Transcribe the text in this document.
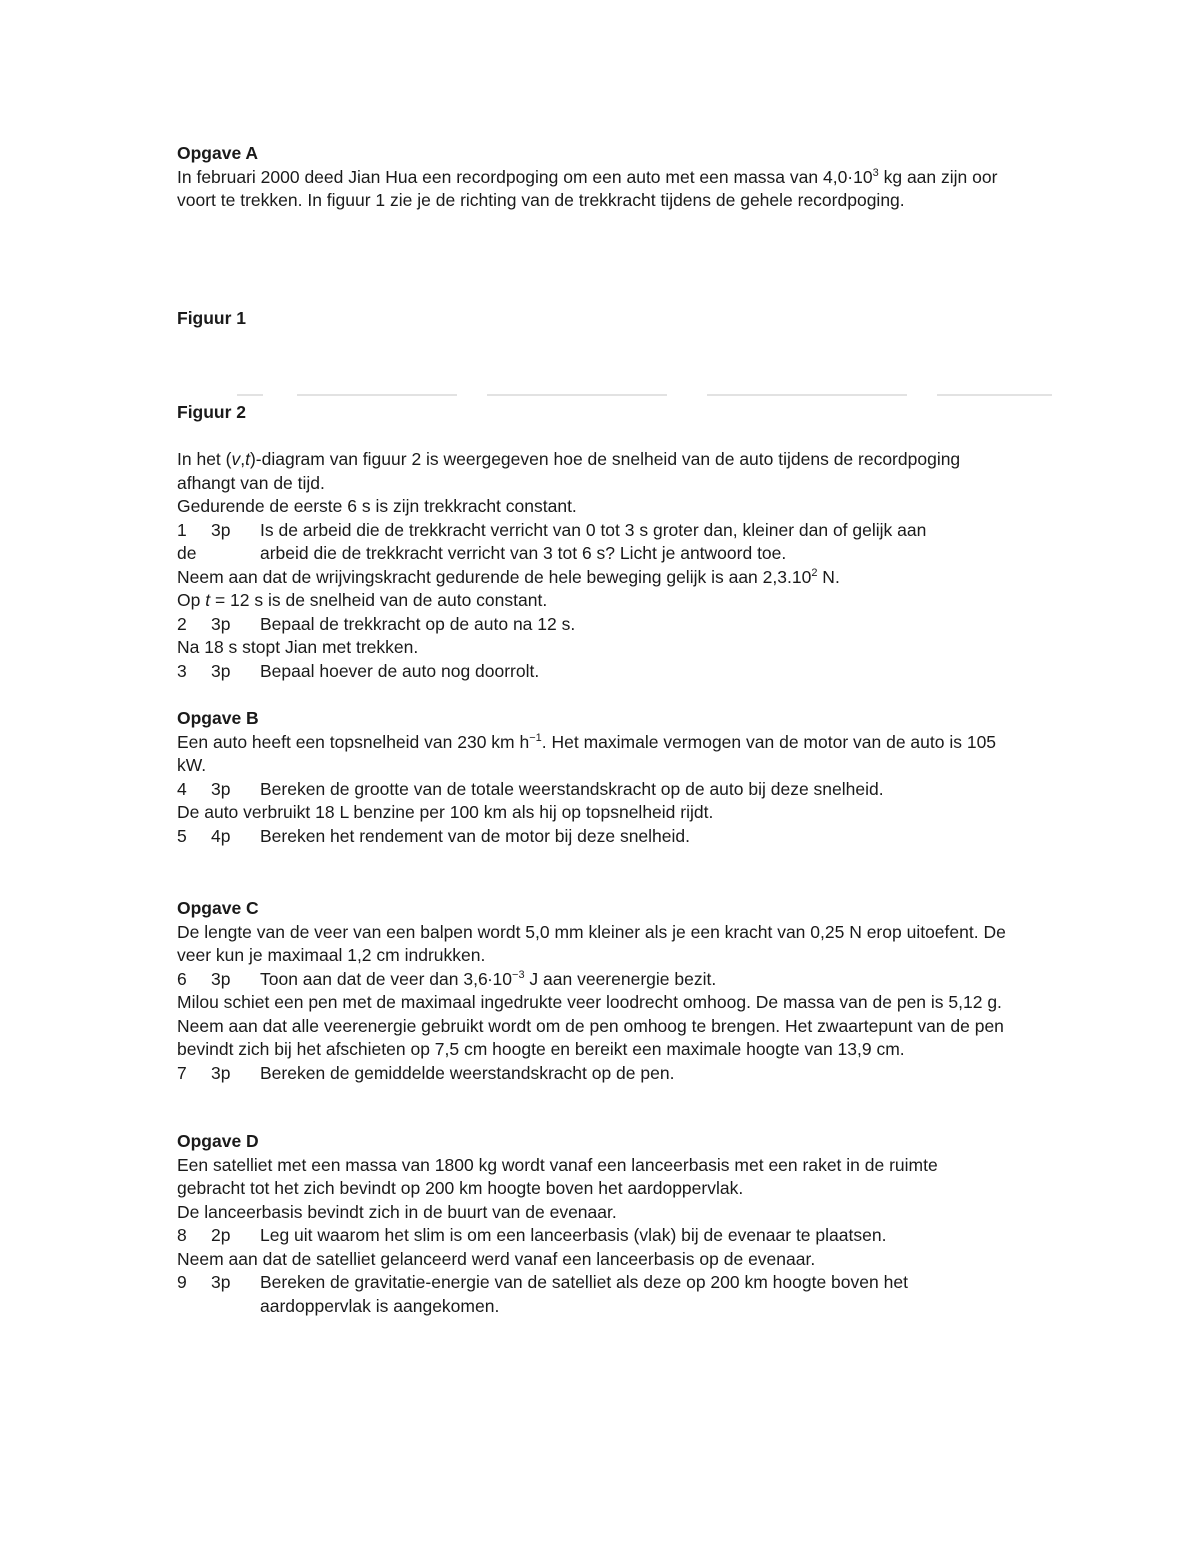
Opgave A

In februari 2000 deed Jian Hua een recordpoging om een auto met een massa van $4,0\cdot 10^3$ kg aan zijn oor voort te trekken. In figuur 1 zie je de richting van de trekkracht tijdens de gehele recordpoging.

Figuur 1

Figuur 2

In het (v,t)-diagram van figuur 2 is weergegeven hoe de snelheid van de auto tijdens de recordpoging afhangt van de tijd.

Gedurende de eerste 6 s is zijn trekkracht constant.

1 3p	Is de arbeid die de trekkracht verricht van 0 tot 3 s groter dan, kleiner dan of gelijk aan
de	arbeid die de trekkracht verricht van 3 tot 6 s? Licht je antwoord toe.

Neem aan dat de wrijvingskracht gedurende de hele beweging gelijk is aan 2,3.10$^2$ N.

Op t = 12 s is de snelheid van de auto constant.

2 3p	Bepaal de trekkracht op de auto na 12 s.

Na 18 s stopt Jian met trekken.

3 3p	Bepaal hoever de auto nog doorrolt.

Opgave B

Een auto heeft een topsnelheid van 230 km $h^{-1}$. Het maximale vermogen van de motor van de auto is 105 kW.

4 3p	Bereken de grootte van de totale weerstandskracht op de auto bij deze snelheid.

De auto verbruikt 18 L benzine per 100 km als hij op topsnelheid rijdt.

5 4p	Bereken het rendement van de motor bij deze snelheid.

Opgave C

De lengte van de veer van een balpen wordt 5,0 mm kleiner als je een kracht van 0,25 N erop uitoefent. De veer kun je maximaal 1,2 cm indrukken.

6 3p	Toon aan dat de veer dan $3,6\cdot 10^{-3}$ J aan veerenergie bezit.

Milou schiet een pen met de maximaal ingedrukte veer loodrecht omhoog. De massa van de pen is 5,12 g. Neem aan dat alle veerenergie gebruikt wordt om de pen omhoog te brengen. Het zwaartepunt van de pen bevindt zich bij het afschieten op 7,5 cm hoogte en bereikt een maximale hoogte van 13,9 cm.

7 3p	Bereken de gemiddelde weerstandskracht op de pen.

Opgave D

Een satelliet met een massa van 1800 kg wordt vanaf een lanceerbasis met een raket in de ruimte gebracht tot het zich bevindt op 200 km hoogte boven het aardoppervlak.

De lanceerbasis bevindt zich in de buurt van de evenaar.

8 2p	Leg uit waarom het slim is om een lanceerbasis (vlak) bij de evenaar te plaatsen.

Neem aan dat de satelliet gelanceerd werd vanaf een lanceerbasis op de evenaar.

9 3p	Bereken de gravitatie-energie van de satelliet als deze op 200 km hoogte boven het aardoppervlak is aangekomen.
